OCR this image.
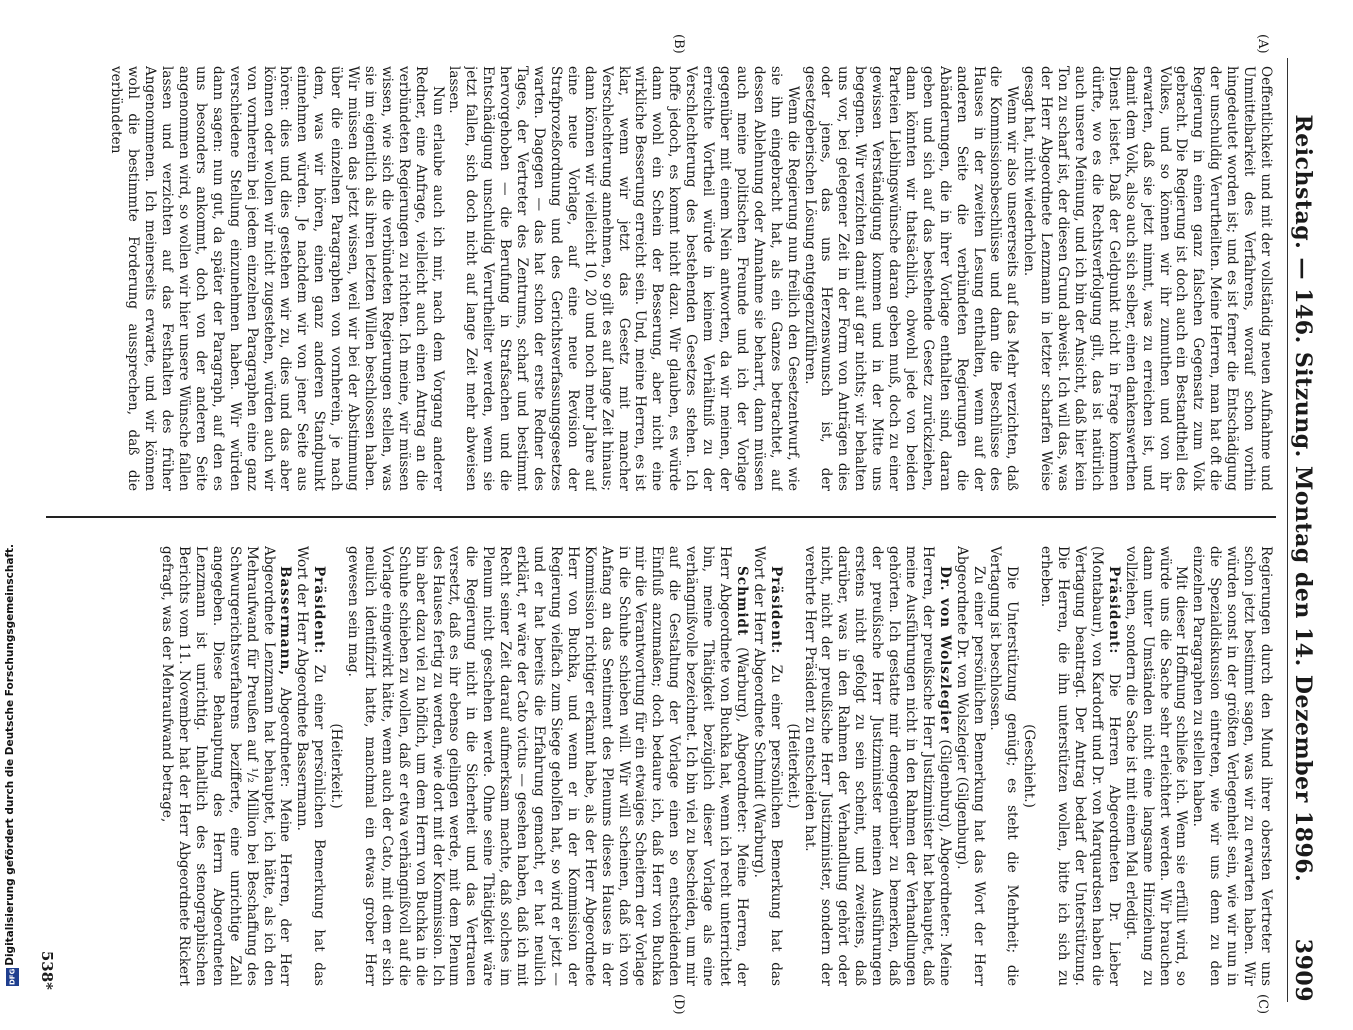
Reichstag. — 146. Sitzung. Montag den 14. Dezember 1896.
3909
(A)
(B)
(C)
(D)

Oeffentlichkeit und mit der vollständig neuen Aufnahme und Unmittelbarkeit des Verfahrens, worauf schon vorhin hingedeutet worden ist; und es ist ferner die Entschädigung der unschuldig Verurtheilten. Meine Herren, man hat oft die Regierung in einen ganz falschen Gegensatz zum Volk gebracht. Die Regierung ist doch auch ein Bestandtheil des Volkes, und so können wir ihr zumuthen und von ihr erwarten, daß sie jetzt nimmt, was zu erreichen ist, und damit dem Volk, also auch sich selber, einen dankenswerthen Dienst leistet. Daß der Geldpunkt nicht in Frage kommen dürfte, wo es die Rechtsverfolgung gilt, das ist natürlich auch unsere Meinung, und ich bin der Ansicht, daß hier kein Ton zu scharf ist, der diesen Grund abweist. Ich will das, was der Herr Abgeordnete Lenzmann in letzter scharfen Weise gesagt hat, nicht wiederholen.

Wenn wir also unsererseits auf das Mehr verzichten, daß die Kommissionsbeschlüsse und dann die Beschlüsse des Hauses in der zweiten Lesung enthalten, wenn auf der anderen Seite die verbündeten Regierungen die Abänderungen, die in ihrer Vorlage enthalten sind, daran geben und sich auf das bestehende Gesetz zurückziehen, dann könnten wir thatsächlich, obwohl jede von beiden Parteien Lieblingswünsche daran geben muß, doch zu einer gewissen Verständigung kommen und in der Mitte uns begegnen. Wir verzichten damit auf gar nichts; wir behalten uns vor, bei gelegener Zeit in der Form von Anträgen dies oder jenes, das uns Herzenswunsch ist, der gesetzgeberischen Lösung entgegenzuführen.

Wenn die Regierung nun freilich den Gesetzentwurf, wie sie ihn eingebracht hat, als ein Ganzes betrachtet, auf dessen Ablehnung oder Annahme sie beharrt, dann müssen auch meine politischen Freunde und ich der Vorlage gegenüber mit einem Nein antworten, da wir meinen, der erreichte Vortheil würde in keinem Verhältniß zu der Verschlechterung des bestehenden Gesetzes stehen. Ich hoffe jedoch, es kommt nicht dazu. Wir glauben, es würde dann wohl ein Schein der Besserung, aber nicht eine wirkliche Besserung erreicht sein. Und, meine Herren, es ist klar, wenn wir jetzt das Gesetz mit mancher Verschlechterung annehmen, so gilt es auf lange Zeit hinaus; dann können wir vielleicht 10, 20 und noch mehr Jahre auf eine neue Vorlage, auf eine neue Revision der Strafprozeßordnung und des Gerichtsverfassungsgesetzes warten. Dagegen — das hat schon der erste Redner des Tages, der Vertreter des Zentrums, scharf und bestimmt hervorgehoben — die Berufung in Strafsachen und die Entschädigung unschuldig Verurtheilter werden, wenn sie jetzt fallen, sich doch nicht auf lange Zeit mehr abweisen lassen.

Nun erlaube auch ich mir, nach dem Vorgang anderer Redner, eine Anfrage, vielleicht auch einen Antrag an die verbündeten Regierungen zu richten. Ich meine, wir müssen wissen, wie sich die verbündeten Regierungen stellen, was sie im eigentlich als ihren letzten Willen beschlossen haben. Wir müssen das jetzt wissen, weil wir bei der Abstimmung über die einzelnen Paragraphen von vornherein, je nach dem, was wir hören, einen ganz anderen Standpunkt einnehmen würden. Je nachdem wir von jener Seite aus hören: dies und dies gestehen wir zu, dies und das aber können oder wollen wir nicht zugestehen, würden auch wir von vornherein bei jedem einzelnen Paragraphen eine ganz verschiedene Stellung einzunehmen haben. Wir würden dann sagen: nun gut, da später der Paragraph, auf den es uns besonders ankommt, doch von der anderen Seite angenommen wird, so wollen wir hier unsere Wünsche fallen lassen und verzichten auf das Festhalten des früher Angenommenen. Ich meinerseits erwarte, und wir können wohl die bestimmte Forderung aussprechen, daß die verbündeten

Regierungen durch den Mund ihrer obersten Vertreter uns schon jetzt bestimmt sagen, was wir zu erwarten haben. Wir würden sonst in der größten Verlegenheit sein, wie wir nun in die Spezialdiskussion eintreten, wie wir uns denn zu den einzelnen Paragraphen zu stellen haben.

Mit dieser Hoffnung schließe ich. Wenn sie erfüllt wird, so würde uns die Sache sehr erleichtert werden. Wir brauchen dann unter Umständen nicht eine langsame Hinziehung zu vollziehen, sondern die Sache ist mit einem Mal erledigt.

Präsident: Die Herren Abgeordneten Dr. Lieber (Montabaur), von Kardorff und Dr. von Marquardsen haben die Vertagung beantragt. Der Antrag bedarf der Unterstützung. Die Herren, die ihn unterstützen wollen, bitte ich sich zu erheben.

(Geschieht.)

Die Unterstützung genügt; es steht die Mehrheit; die Vertagung ist beschlossen.

Zu einer persönlichen Bemerkung hat das Wort der Herr Abgeordnete Dr. von Wolszlegier (Gilgenburg).

Dr. von Wolszlegier (Gilgenburg), Abgeordneter: Meine Herren, der preußische Herr Justizminister hat behauptet, daß meine Ausführungen nicht in den Rahmen der Verhandlungen gehörten. Ich gestatte mir demgegenüber zu bemerken, daß der preußische Herr Justizminister meinen Ausführungen erstens nicht gefolgt zu sein scheint, und zweitens, daß darüber, was in den Rahmen der Verhandlung gehört oder nicht, nicht der preußische Herr Justizminister, sondern der verehrte Herr Präsident zu entscheiden hat.

(Heiterkeit.)

Präsident: Zu einer persönlichen Bemerkung hat das Wort der Herr Abgeordnete Schmidt (Warburg).

Schmidt (Warburg), Abgeordneter: Meine Herren, der Herr Abgeordnete von Buchka hat, wenn ich recht unterrichtet bin, meine Thätigkeit bezüglich dieser Vorlage als eine verhängnißvolle bezeichnet. Ich bin viel zu bescheiden, um mir auf die Gestaltung der Vorlage einen so entscheidenden Einfluß anzumaßen; doch bedaure ich, daß Herr von Buchka mir die Verantwortung für ein etwaiges Scheitern der Vorlage in die Schuhe schieben will. Wir will scheinen, daß ich von Anfang an das Sentiment des Plenums dieses Hauses in der Kommission richtiger erkannt habe, als der Herr Abgeordnete Herr von Buchka, und wenn er in der Kommission der Regierung vielfach zum Siege geholfen hat, so wird er jetzt — und er hat bereits die Erfahrung gemacht, er hat neulich erklärt, er wäre der Cato victus — gesehen haben, daß ich mit Recht seiner Zeit darauf aufmerksam machte, daß solches im Plenum nicht geschehen werde. Ohne seine Thätigkeit wäre die Regierung nicht in die Sicherheit und das Vertrauen versetzt, daß es ihr ebenso gelingen werde, mit dem Plenum des Hauses fertig zu werden, wie dort mit der Kommission. Ich bin aber dazu viel zu höflich, um dem Herrn von Buchka in die Schuhe schieben zu wollen, daß er etwa verhängnißvoll auf die Vorlage eingewirkt hätte, wenn auch der Cato, mit dem er sich neulich identifizirt hatte, manchmal ein etwas grober Herr gewesen sein mag.

(Heiterkeit.)

Präsident: Zu einer persönlichen Bemerkung hat das Wort der Herr Abgeordnete Bassermann.

Bassermann, Abgeordneter: Meine Herren, der Herr Abgeordnete Lenzmann hat behauptet, ich hätte, als ich den Mehraufwand für Preußen auf ¹/₂ Million bei Beschaffung des Schwurgerichtsverfahrens bezifferte, eine unrichtige Zahl angegeben. Diese Behauptung des Herrn Abgeordneten Lenzmann ist unrichtig. Inhaltlich des stenographischen Berichts vom 11. November hat der Herr Abgeordnete Rickert gefragt, was der Mehraufwand betrage,

538*
Digitalisierung gefördert durch die Deutsche Forschungsgemeinschaft.
DFG
